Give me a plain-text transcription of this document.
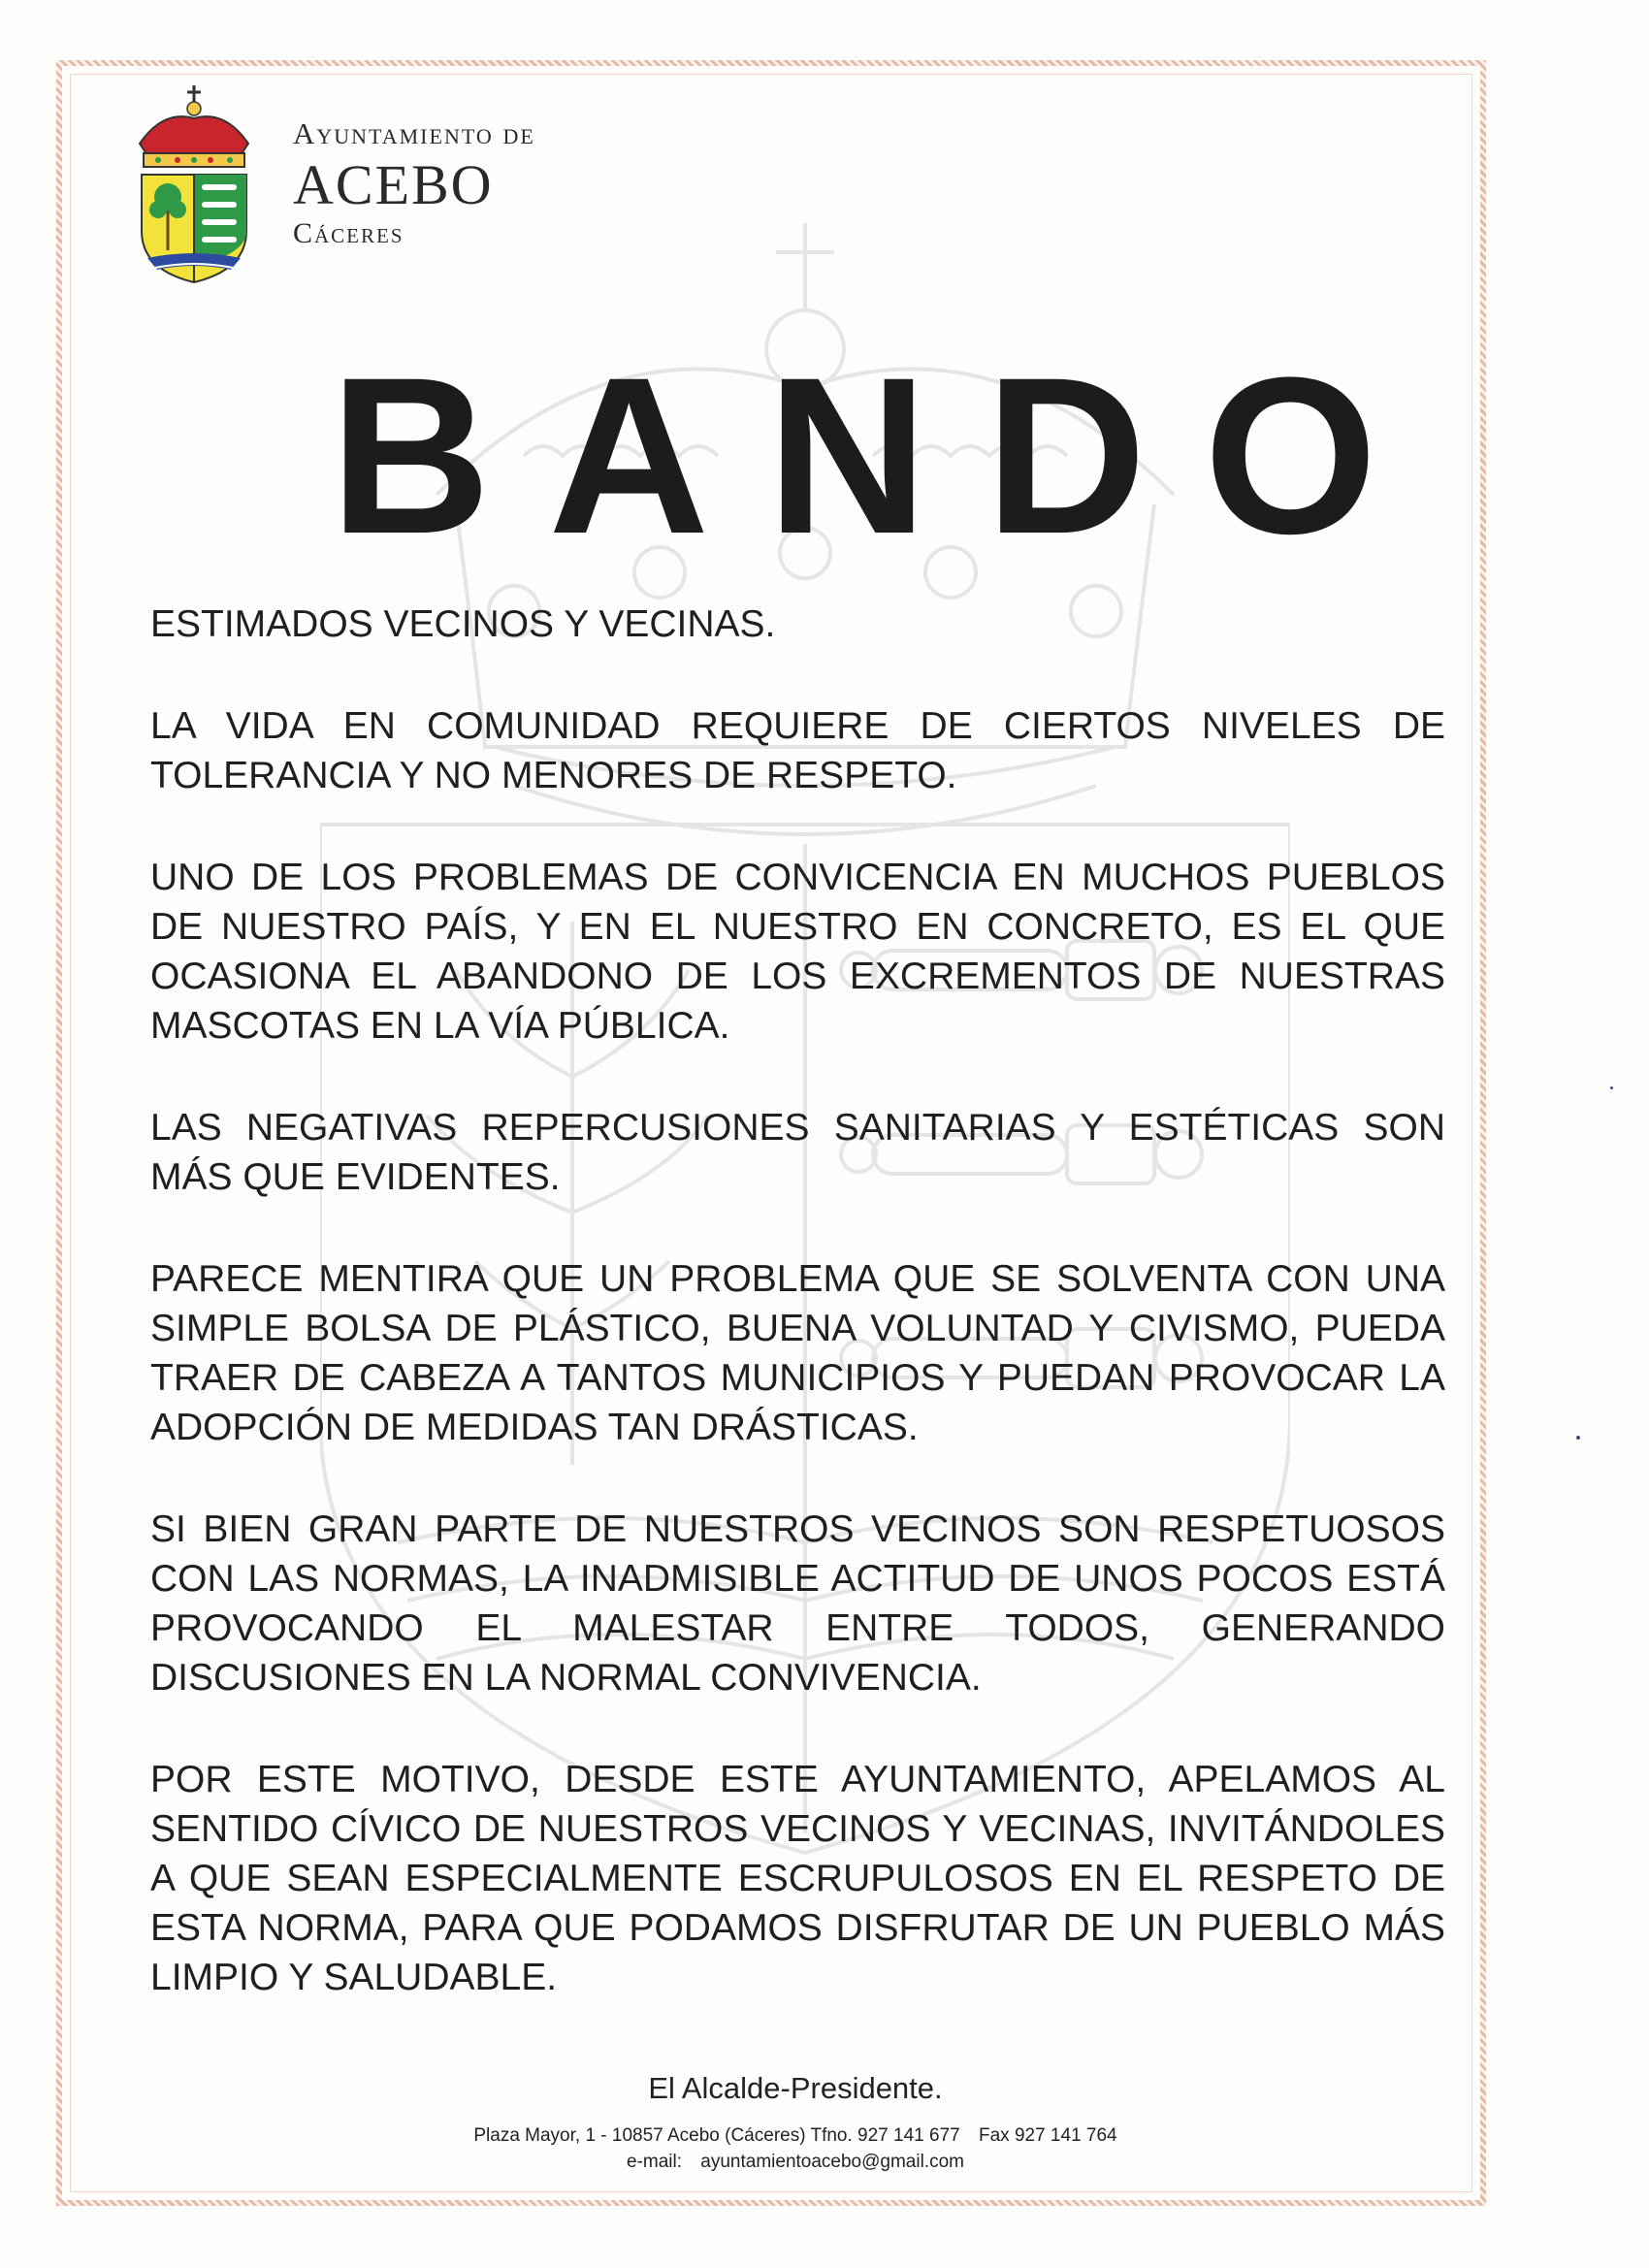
Ayuntamiento de
ACEBO
Cáceres
B A N D O

ESTIMADOS VECINOS Y VECINAS.

LA VIDA EN COMUNIDAD REQUIERE DE CIERTOS NIVELES DE TOLERANCIA Y NO MENORES DE RESPETO.

UNO DE LOS PROBLEMAS DE CONVICENCIA EN MUCHOS PUEBLOS DE NUESTRO PAÍS, Y EN EL NUESTRO EN CONCRETO, ES EL QUE OCASIONA EL ABANDONO DE LOS EXCREMENTOS DE NUESTRAS MASCOTAS EN LA VÍA PÚBLICA.

LAS NEGATIVAS REPERCUSIONES SANITARIAS Y ESTÉTICAS SON MÁS QUE EVIDENTES.

PARECE MENTIRA QUE UN PROBLEMA QUE SE SOLVENTA CON UNA SIMPLE BOLSA DE PLÁSTICO, BUENA VOLUNTAD Y CIVISMO, PUEDA TRAER DE CABEZA A TANTOS MUNICIPIOS Y PUEDAN PROVOCAR LA ADOPCIÓN DE MEDIDAS TAN DRÁSTICAS.

SI BIEN GRAN PARTE DE NUESTROS VECINOS SON RESPETUOSOS CON LAS NORMAS, LA INADMISIBLE ACTITUD DE UNOS POCOS ESTÁ PROVOCANDO EL MALESTAR ENTRE TODOS, GENERANDO DISCUSIONES EN LA NORMAL CONVIVENCIA.

POR ESTE MOTIVO, DESDE ESTE AYUNTAMIENTO, APELAMOS AL SENTIDO CÍVICO DE NUESTROS VECINOS Y VECINAS, INVITÁNDOLES A QUE SEAN ESPECIALMENTE ESCRUPULOSOS EN EL RESPETO DE ESTA NORMA, PARA QUE PODAMOS DISFRUTAR DE UN PUEBLO MÁS LIMPIO Y SALUDABLE.

El Alcalde-Presidente.
Plaza Mayor, 1 - 10857 Acebo (Cáceres) Tfno. 927 141 677 Fax 927 141 764
e-mail: ayuntamientoacebo@gmail.com
